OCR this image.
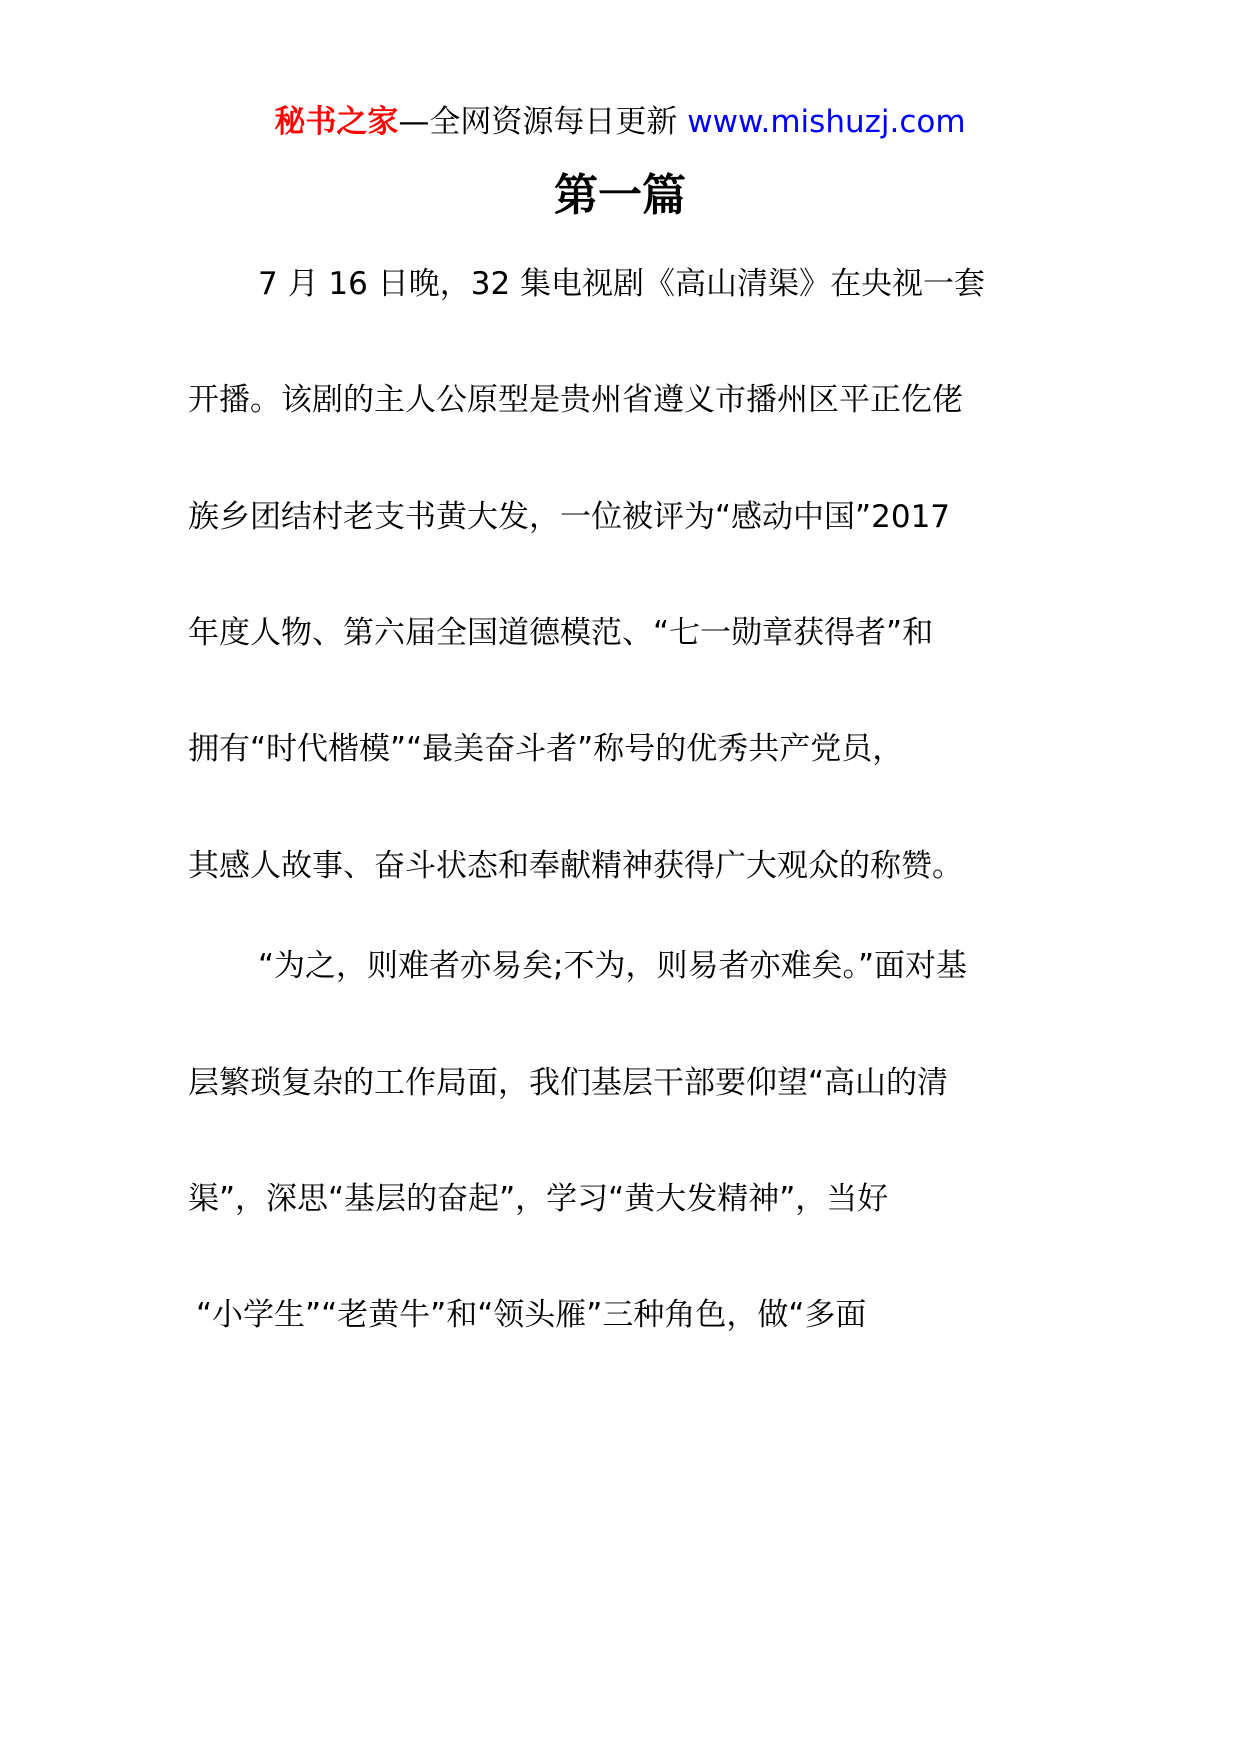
秘书之家—全网资源每日更新 www.mishuzj.com
第一篇
7 月 16 日晚，32 集电视剧《高山清渠》在央视一套
开播。该剧的主人公原型是贵州省遵义市播州区平正仡佬
族乡团结村老支书黄大发，一位被评为“感动中国”2017
年度人物、第六届全国道德模范、“七一勋章获得者”和
拥有“时代楷模”“最美奋斗者”称号的优秀共产党员，
其感人故事、奋斗状态和奉献精神获得广大观众的称赞。
“为之，则难者亦易矣;不为，则易者亦难矣。”面对基
层繁琐复杂的工作局面，我们基层干部要仰望“高山的清
渠”，深思“基层的奋起”，学习“黄大发精神”，当好
“小学生”“老黄牛”和“领头雁”三种角色，做“多面
